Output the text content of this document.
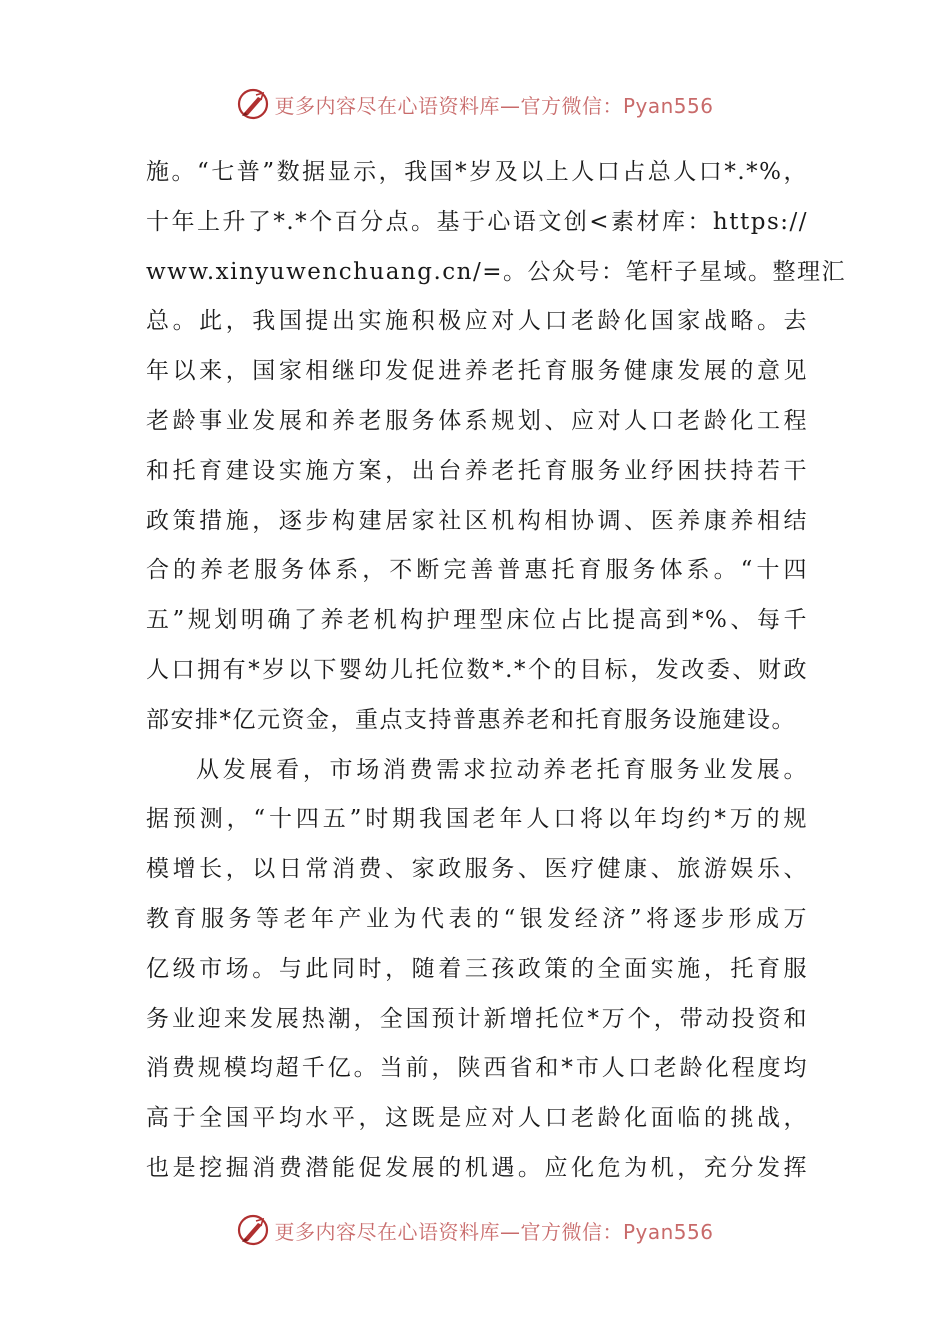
更多内容尽在心语资料库—官方微信：Pyan556
施。“七普”数据显示，我国*岁及以上人口占总人口*.*%，
十年上升了*.*个百分点。基于心语文创<素材库：https://
www.xinyuwenchuang.cn/=。公众号：笔杆子星域。整理汇
总。此，我国提出实施积极应对人口老龄化国家战略。去
年以来，国家相继印发促进养老托育服务健康发展的意见
老龄事业发展和养老服务体系规划、应对人口老龄化工程
和托育建设实施方案，出台养老托育服务业纾困扶持若干
政策措施，逐步构建居家社区机构相协调、医养康养相结
合的养老服务体系，不断完善普惠托育服务体系。“十四
五”规划明确了养老机构护理型床位占比提高到*%、每千
人口拥有*岁以下婴幼儿托位数*.*个的目标，发改委、财政
部安排*亿元资金，重点支持普惠养老和托育服务设施建设。
从发展看，市场消费需求拉动养老托育服务业发展。
据预测，“十四五”时期我国老年人口将以年均约*万的规
模增长，以日常消费、家政服务、医疗健康、旅游娱乐、
教育服务等老年产业为代表的“银发经济”将逐步形成万
亿级市场。与此同时，随着三孩政策的全面实施，托育服
务业迎来发展热潮，全国预计新增托位*万个，带动投资和
消费规模均超千亿。当前，陕西省和*市人口老龄化程度均
高于全国平均水平，这既是应对人口老龄化面临的挑战，
也是挖掘消费潜能促发展的机遇。应化危为机，充分发挥
更多内容尽在心语资料库—官方微信：Pyan556
